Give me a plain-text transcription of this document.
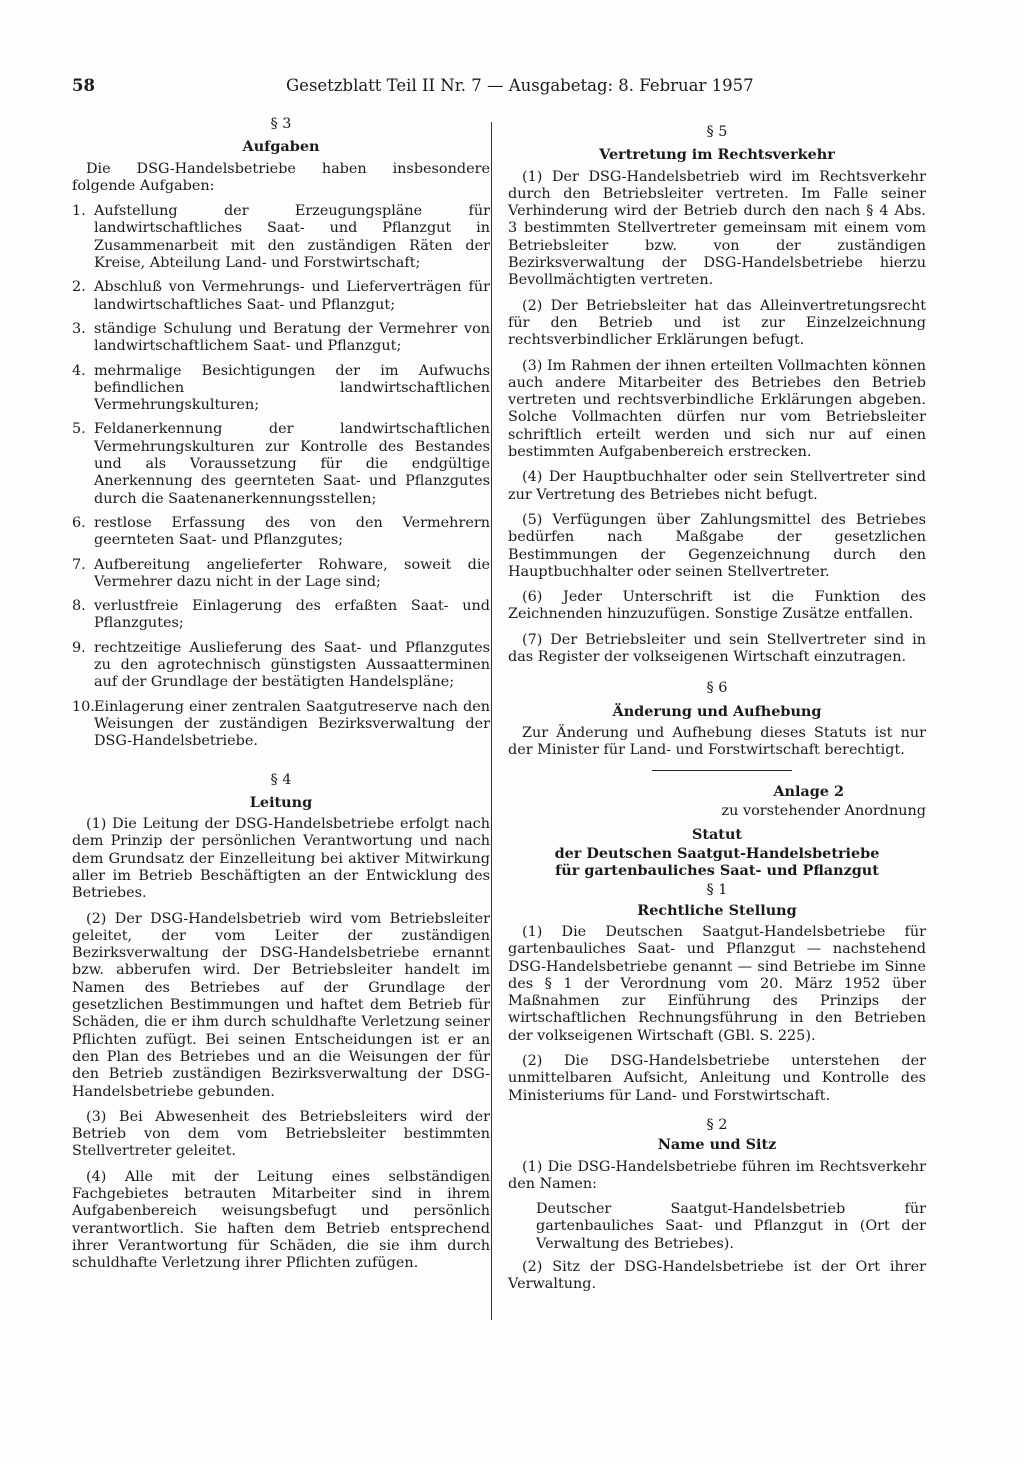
58	Gesetzblatt Teil II Nr. 7 — Ausgabetag: 8. Februar 1957
§ 3
Aufgaben

Die DSG-Handelsbetriebe haben insbesondere folgende Aufgaben:

1. Aufstellung der Erzeugungspläne für landwirtschaftliches Saat- und Pflanzgut in Zusammenarbeit mit den zuständigen Räten der Kreise, Abteilung Land- und Forstwirtschaft;
2. Abschluß von Vermehrungs- und Lieferverträgen für landwirtschaftliches Saat- und Pflanzgut;
3. ständige Schulung und Beratung der Vermehrer von landwirtschaftlichem Saat- und Pflanzgut;
4. mehrmalige Besichtigungen der im Aufwuchs befindlichen landwirtschaftlichen Vermehrungskulturen;
5. Feldanerkennung der landwirtschaftlichen Vermehrungskulturen zur Kontrolle des Bestandes und als Voraussetzung für die endgültige Anerkennung des geernteten Saat- und Pflanzgutes durch die Saatenanerkennungsstellen;
6. restlose Erfassung des von den Vermehrern geernteten Saat- und Pflanzgutes;
7. Aufbereitung angelieferter Rohware, soweit die Vermehrer dazu nicht in der Lage sind;
8. verlustfreie Einlagerung des erfaßten Saat- und Pflanzgutes;
9. rechtzeitige Auslieferung des Saat- und Pflanzgutes zu den agrotechnisch günstigsten Aussaatterminen auf der Grundlage der bestätigten Handelspläne;
10. Einlagerung einer zentralen Saatgutreserve nach den Weisungen der zuständigen Bezirksverwaltung der DSG-Handelsbetriebe.
§ 4
Leitung

(1) Die Leitung der DSG-Handelsbetriebe erfolgt nach dem Prinzip der persönlichen Verantwortung und nach dem Grundsatz der Einzelleitung bei aktiver Mitwirkung aller im Betrieb Beschäftigten an der Entwicklung des Betriebes.

(2) Der DSG-Handelsbetrieb wird vom Betriebsleiter geleitet, der vom Leiter der zuständigen Bezirksverwaltung der DSG-Handelsbetriebe ernannt bzw. abberufen wird. Der Betriebsleiter handelt im Namen des Betriebes auf der Grundlage der gesetzlichen Bestimmungen und haftet dem Betrieb für Schäden, die er ihm durch schuldhafte Verletzung seiner Pflichten zufügt. Bei seinen Entscheidungen ist er an den Plan des Betriebes und an die Weisungen der für den Betrieb zuständigen Bezirksverwaltung der DSG-Handelsbetriebe gebunden.

(3) Bei Abwesenheit des Betriebsleiters wird der Betrieb von dem vom Betriebsleiter bestimmten Stellvertreter geleitet.

(4) Alle mit der Leitung eines selbständigen Fachgebietes betrauten Mitarbeiter sind in ihrem Aufgabenbereich weisungsbefugt und persönlich verantwortlich. Sie haften dem Betrieb entsprechend ihrer Verantwortung für Schäden, die sie ihm durch schuldhafte Verletzung ihrer Pflichten zufügen.

§ 5
Vertretung im Rechtsverkehr

(1) Der DSG-Handelsbetrieb wird im Rechtsverkehr durch den Betriebsleiter vertreten. Im Falle seiner Verhinderung wird der Betrieb durch den nach § 4 Abs. 3 bestimmten Stellvertreter gemeinsam mit einem vom Betriebsleiter bzw. von der zuständigen Bezirksverwaltung der DSG-Handelsbetriebe hierzu Bevollmächtigten vertreten.

(2) Der Betriebsleiter hat das Alleinvertretungsrecht für den Betrieb und ist zur Einzelzeichnung rechtsverbindlicher Erklärungen befugt.

(3) Im Rahmen der ihnen erteilten Vollmachten können auch andere Mitarbeiter des Betriebes den Betrieb vertreten und rechtsverbindliche Erklärungen abgeben. Solche Vollmachten dürfen nur vom Betriebsleiter schriftlich erteilt werden und sich nur auf einen bestimmten Aufgabenbereich erstrecken.

(4) Der Hauptbuchhalter oder sein Stellvertreter sind zur Vertretung des Betriebes nicht befugt.

(5) Verfügungen über Zahlungsmittel des Betriebes bedürfen nach Maßgabe der gesetzlichen Bestimmungen der Gegenzeichnung durch den Hauptbuchhalter oder seinen Stellvertreter.

(6) Jeder Unterschrift ist die Funktion des Zeichnenden hinzuzufügen. Sonstige Zusätze entfallen.

(7) Der Betriebsleiter und sein Stellvertreter sind in das Register der volkseigenen Wirtschaft einzutragen.

§ 6
Änderung und Aufhebung

Zur Änderung und Aufhebung dieses Statuts ist nur der Minister für Land- und Forstwirtschaft berechtigt.

Anlage 2
zu vorstehender Anordnung
Statut
der Deutschen Saatgut-Handelsbetriebe
für gartenbauliches Saat- und Pflanzgut
§ 1
Rechtliche Stellung

(1) Die Deutschen Saatgut-Handelsbetriebe für gartenbauliches Saat- und Pflanzgut — nachstehend DSG-Handelsbetriebe genannt — sind Betriebe im Sinne des § 1 der Verordnung vom 20. März 1952 über Maßnahmen zur Einführung des Prinzips der wirtschaftlichen Rechnungsführung in den Betrieben der volkseigenen Wirtschaft (GBl. S. 225).

(2) Die DSG-Handelsbetriebe unterstehen der unmittelbaren Aufsicht, Anleitung und Kontrolle des Ministeriums für Land- und Forstwirtschaft.

§ 2
Name und Sitz

(1) Die DSG-Handelsbetriebe führen im Rechtsverkehr den Namen:

Deutscher Saatgut-Handelsbetrieb für gartenbauliches Saat- und Pflanzgut in (Ort der Verwaltung des Betriebes).

(2) Sitz der DSG-Handelsbetriebe ist der Ort ihrer Verwaltung.
